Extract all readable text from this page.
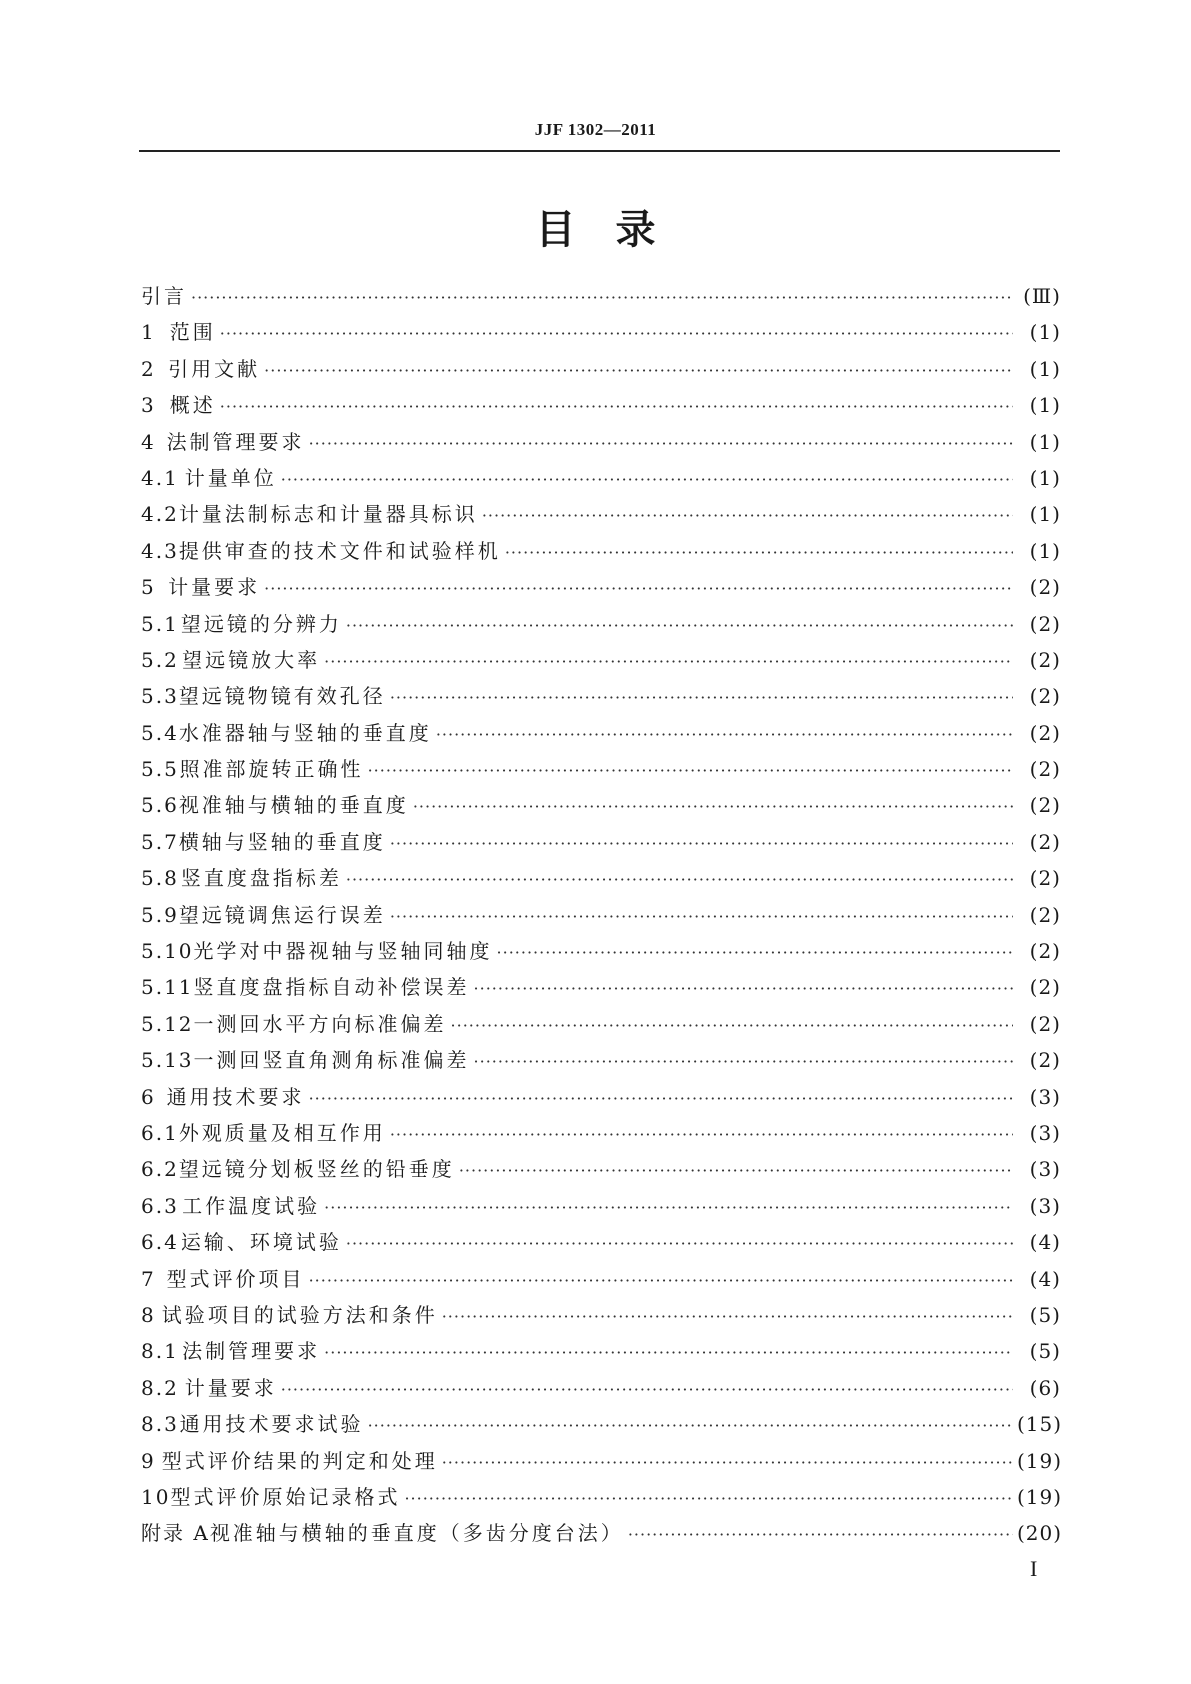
JJF 1302—2011
目　录
引言 ·····	(Ⅲ)
1 范围 ·····	(1)
2 引用文献 ·····	(1)
3 概述 ·····	(1)
4 法制管理要求 ·····	(1)
4.1 计量单位 ·····	(1)
4.2 计量法制标志和计量器具标识 ·····	(1)
4.3 提供审查的技术文件和试验样机 ·····	(1)
5 计量要求 ·····	(2)
5.1 望远镜的分辨力 ·····	(2)
5.2 望远镜放大率 ·····	(2)
5.3 望远镜物镜有效孔径 ·····	(2)
5.4 水准器轴与竖轴的垂直度 ·····	(2)
5.5 照准部旋转正确性 ·····	(2)
5.6 视准轴与横轴的垂直度 ·····	(2)
5.7 横轴与竖轴的垂直度 ·····	(2)
5.8 竖直度盘指标差 ·····	(2)
5.9 望远镜调焦运行误差 ·····	(2)
5.10 光学对中器视轴与竖轴同轴度 ·····	(2)
5.11 竖直度盘指标自动补偿误差 ·····	(2)
5.12 一测回水平方向标准偏差 ·····	(2)
5.13 一测回竖直角测角标准偏差 ·····	(2)
6 通用技术要求 ·····	(3)
6.1 外观质量及相互作用 ·····	(3)
6.2 望远镜分划板竖丝的铅垂度 ·····	(3)
6.3 工作温度试验 ·····	(3)
6.4 运输、环境试验 ·····	(4)
7 型式评价项目 ·····	(4)
8 试验项目的试验方法和条件 ·····	(5)
8.1 法制管理要求 ·····	(5)
8.2 计量要求 ·····	(6)
8.3 通用技术要求试验 ·····	(15)
9 型式评价结果的判定和处理 ·····	(19)
10 型式评价原始记录格式 ·····	(19)
附录 A 视准轴与横轴的垂直度（多齿分度台法） ·····	(20)
I
